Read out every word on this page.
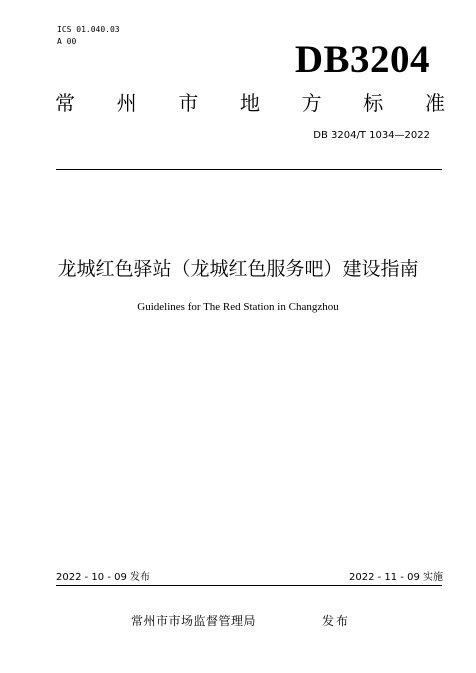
ICS 01.040.03
A 00	DB3204
常 州 市 地 方 标 准
DB 3204/T 1034—2022
龙城红色驿站（龙城红色服务吧）建设指南
Guidelines for The Red Station in Changzhou
2022 - 10 - 09 发布	2022 - 11 - 09 实施
常州市市场监督管理局	发布
